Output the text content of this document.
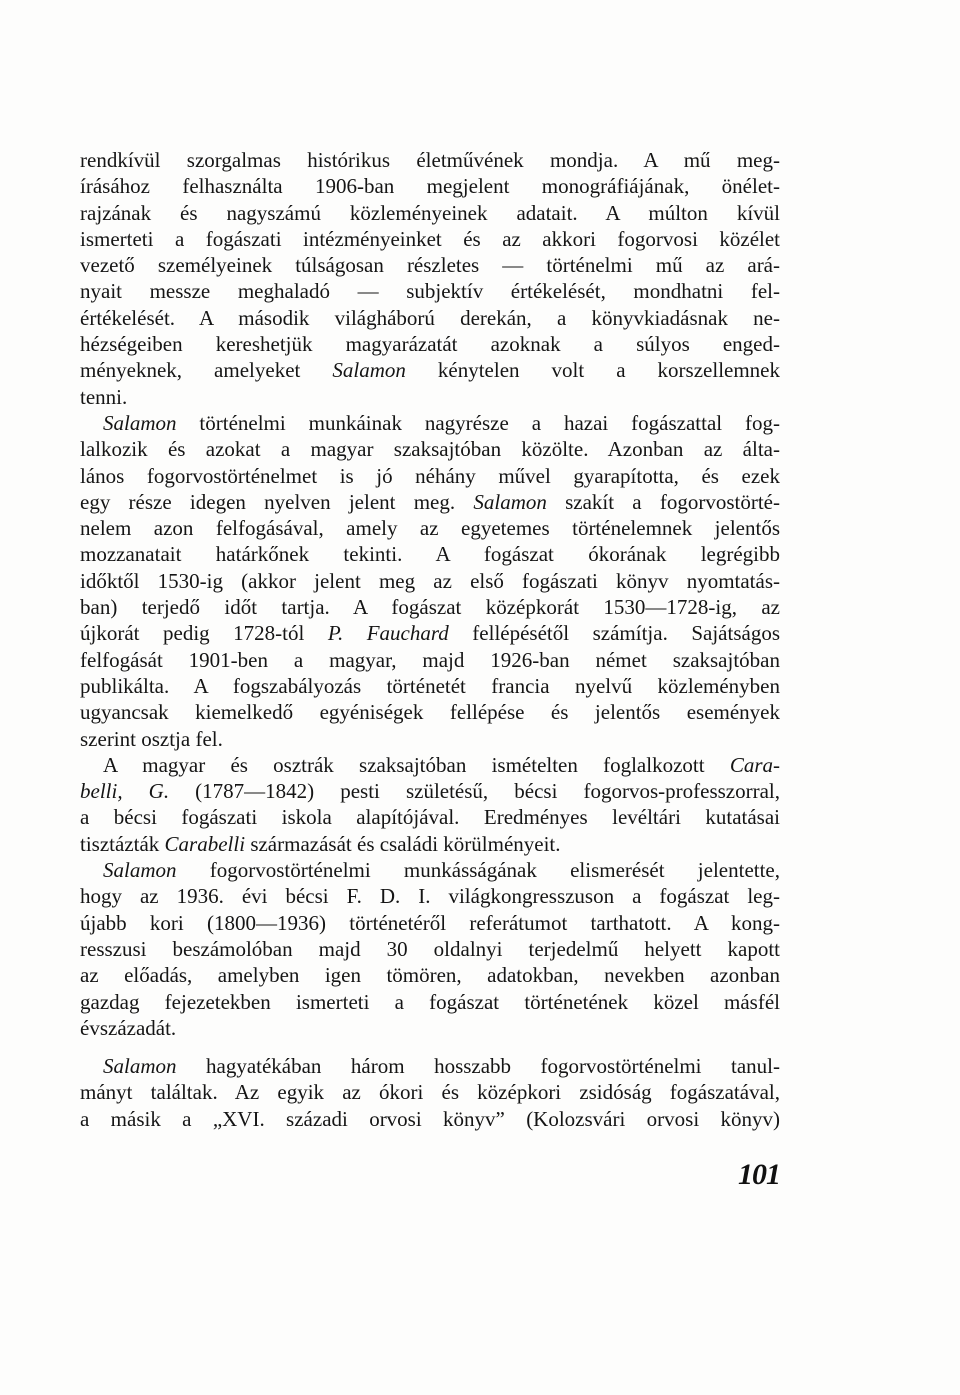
rendkívül szorgalmas histórikus életművének mondja. A mű meg-
írásához felhasználta 1906-ban megjelent monográfiájának, önélet-
rajzának és nagyszámú közleményeinek adatait. A múlton kívül
ismerteti a fogászati intézményeinket és az akkori fogorvosi közélet
vezető személyeinek túlságosan részletes — történelmi mű az ará-
nyait messze meghaladó — subjektív értékelését, mondhatni fel-
értékelését. A második világháború derekán, a könyvkiadásnak ne-
hézségeiben kereshetjük magyarázatát azoknak a súlyos enged-
ményeknek, amelyeket Salamon kénytelen volt a korszellemnek
tenni.
Salamon történelmi munkáinak nagyrésze a hazai fogászattal fog-
lalkozik és azokat a magyar szaksajtóban közölte. Azonban az álta-
lános fogorvostörténelmet is jó néhány művel gyarapította, és ezek
egy része idegen nyelven jelent meg. Salamon szakít a fogorvostörté-
nelem azon felfogásával, amely az egyetemes történelemnek jelentős
mozzanatait határkőnek tekinti. A fogászat ókorának legrégibb
időktől 1530-ig (akkor jelent meg az első fogászati könyv nyomtatás-
ban) terjedő időt tartja. A fogászat középkorát 1530—1728-ig, az
újkorát pedig 1728-tól P. Fauchard fellépésétől számítja. Sajátságos
felfogását 1901-ben a magyar, majd 1926-ban német szaksajtóban
publikálta. A fogszabályozás történetét francia nyelvű közleményben
ugyancsak kiemelkedő egyéniségek fellépése és jelentős események
szerint osztja fel.
A magyar és osztrák szaksajtóban ismételten foglalkozott Cara-
belli, G. (1787—1842) pesti születésű, bécsi fogorvos-professzorral,
a bécsi fogászati iskola alapítójával. Eredményes levéltári kutatásai
tisztázták Carabelli származását és családi körülményeit.
Salamon fogorvostörténelmi munkásságának elismerését jelentette,
hogy az 1936. évi bécsi F. D. I. világkongresszuson a fogászat leg-
újabb kori (1800—1936) történetéről referátumot tarthatott. A kong-
resszusi beszámolóban majd 30 oldalnyi terjedelmű helyett kapott
az előadás, amelyben igen tömören, adatokban, nevekben azonban
gazdag fejezetekben ismerteti a fogászat történetének közel másfél
évszázadát.
Salamon hagyatékában három hosszabb fogorvostörténelmi tanul-
mányt találtak. Az egyik az ókori és középkori zsidóság fogászatával,
a másik a „XVI. századi orvosi könyv” (Kolozsvári orvosi könyv)
101
